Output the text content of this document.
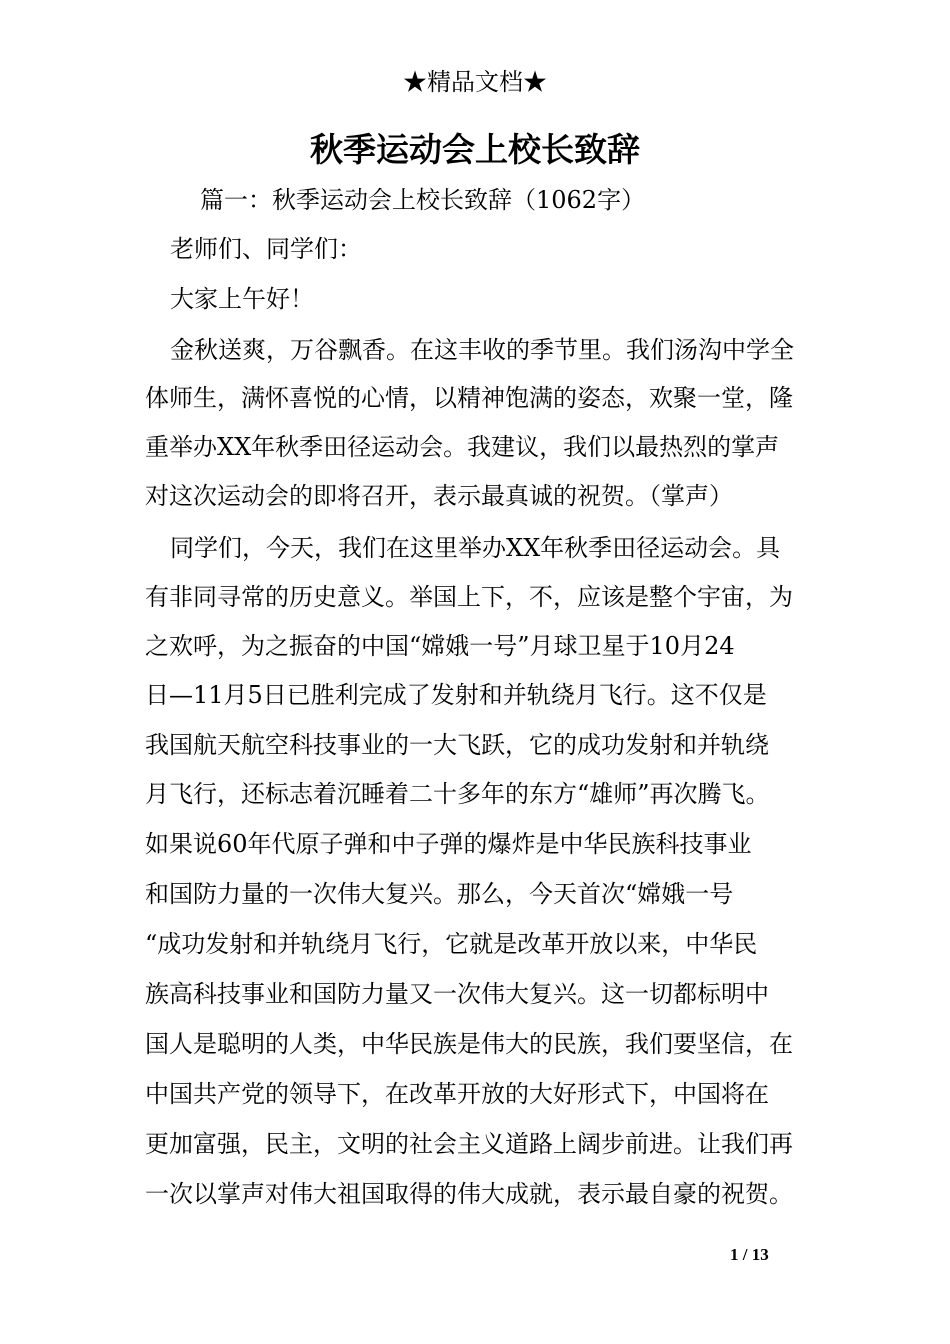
★精品文档★
秋季运动会上校长致辞
篇一：秋季运动会上校长致辞（1062字）
老师们、同学们：
大家上午好！
金秋送爽，万谷飘香。在这丰收的季节里。我们汤沟中学全
体师生，满怀喜悦的心情，以精神饱满的姿态，欢聚一堂，隆
重举办XX年秋季田径运动会。我建议，我们以最热烈的掌声
对这次运动会的即将召开，表示最真诚的祝贺。（掌声）
同学们，今天，我们在这里举办XX年秋季田径运动会。具
有非同寻常的历史意义。举国上下，不，应该是整个宇宙，为
之欢呼，为之振奋的中国“嫦娥一号”月球卫星于10月24
日—11月5日已胜利完成了发射和并轨绕月飞行。这不仅是
我国航天航空科技事业的一大飞跃，它的成功发射和并轨绕
月飞行，还标志着沉睡着二十多年的东方“雄师”再次腾飞。
如果说60年代原子弹和中子弹的爆炸是中华民族科技事业
和国防力量的一次伟大复兴。那么，今天首次“嫦娥一号
“成功发射和并轨绕月飞行，它就是改革开放以来，中华民
族高科技事业和国防力量又一次伟大复兴。这一切都标明中
国人是聪明的人类，中华民族是伟大的民族，我们要坚信，在
中国共产党的领导下，在改革开放的大好形式下，中国将在
更加富强，民主，文明的社会主义道路上阔步前进。让我们再
一次以掌声对伟大祖国取得的伟大成就，表示最自豪的祝贺。
1 / 13
